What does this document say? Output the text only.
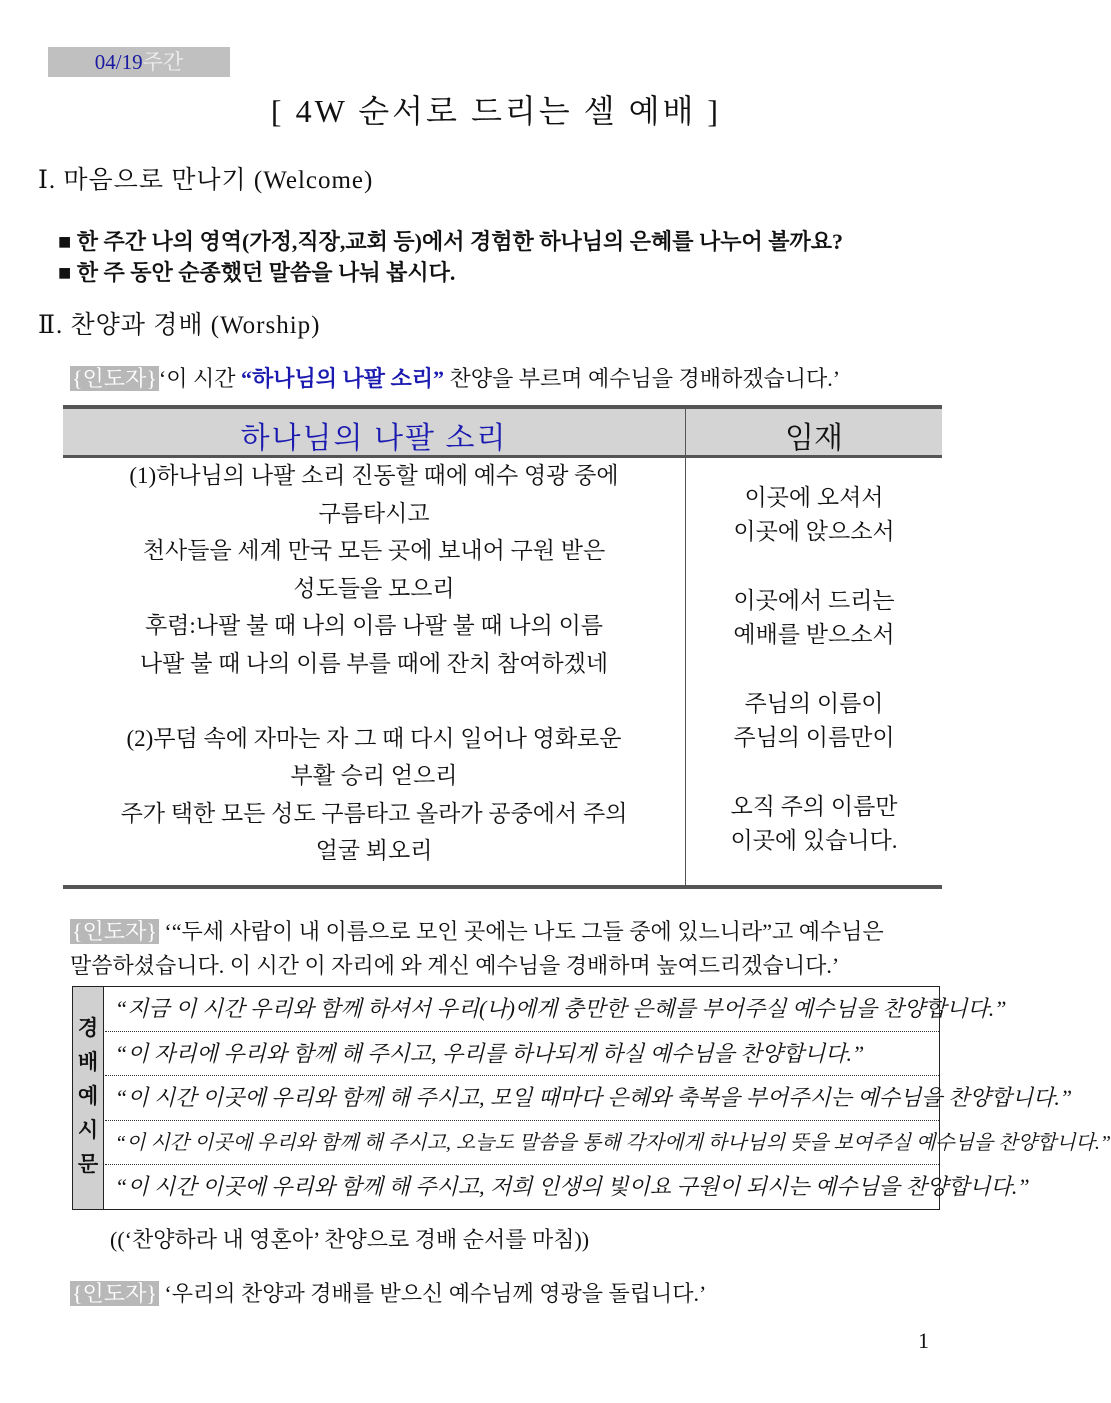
04/19주간
[ 4W 순서로 드리는 셀 예배 ]
Ⅰ. 마음으로 만나기 (Welcome)
■ 한 주간 나의 영역(가정,직장,교회 등)에서 경험한 하나님의 은혜를 나누어 볼까요?
■ 한 주 동안 순종했던 말씀을 나눠 봅시다.
Ⅱ. 찬양과 경배 (Worship)
{인도자}‘이 시간 “하나님의 나팔 소리” 찬양을 부르며 예수님을 경배하겠습니다.’
하나님의 나팔 소리	임재
(1)하나님의 나팔 소리 진동할 때에 예수 영광 중에
구름타시고
천사들을 세계 만국 모든 곳에 보내어 구원 받은
성도들을 모으리
후렴:나팔 불 때 나의 이름 나팔 불 때 나의 이름
나팔 불 때 나의 이름 부를 때에 잔치 참여하겠네
(2)무덤 속에 자마는 자 그 때 다시 일어나 영화로운
부활 승리 얻으리
주가 택한 모든 성도 구름타고 올라가 공중에서 주의
얼굴 뵈오리
이곳에 오셔서
이곳에 앉으소서
이곳에서 드리는
예배를 받으소서
주님의 이름이
주님의 이름만이
오직 주의 이름만
이곳에 있습니다.
{인도자} ‘“두세 사람이 내 이름으로 모인 곳에는 나도 그들 중에 있느니라”고 예수님은
말씀하셨습니다. 이 시간 이 자리에 와 계신 예수님을 경배하며 높여드리겠습니다.’
경
배
예
시
문
“지금 이 시간 우리와 함께 하셔서 우리(나)에게 충만한 은혜를 부어주실 예수님을 찬양합니다.”
“이 자리에 우리와 함께 해 주시고, 우리를 하나되게 하실 예수님을 찬양합니다.”
“이 시간 이곳에 우리와 함께 해 주시고, 모일 때마다 은혜와 축복을 부어주시는 예수님을 찬양합니다.”
“이 시간 이곳에 우리와 함께 해 주시고, 오늘도 말씀을 통해 각자에게 하나님의 뜻을 보여주실 예수님을 찬양합니다.”
“이 시간 이곳에 우리와 함께 해 주시고, 저희 인생의 빛이요 구원이 되시는 예수님을 찬양합니다.”
((‘찬양하라 내 영혼아’ 찬양으로 경배 순서를 마침))
{인도자} ‘우리의 찬양과 경배를 받으신 예수님께 영광을 돌립니다.’
1
